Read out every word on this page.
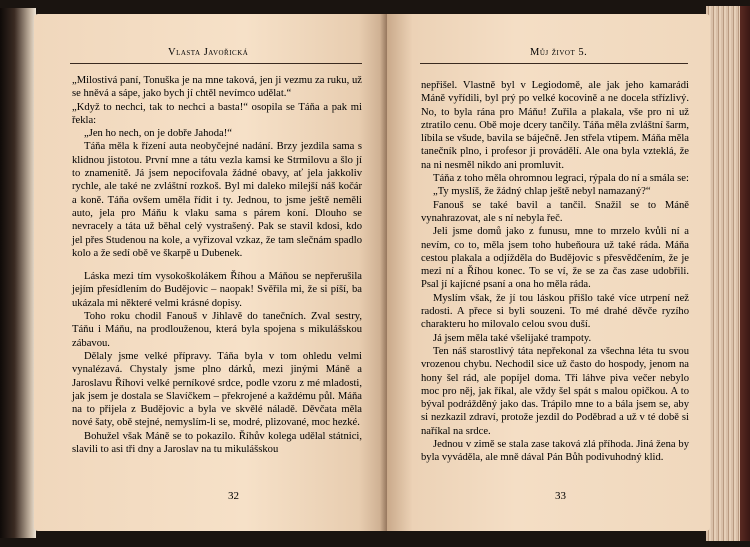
Vlasta Javořická

„Milostivá paní, Tonuška je na mne taková, jen ji vezmu za ruku, už se hněvá a sápe, jako bych jí chtěl nevímco udělat.“

„Když to nechci, tak to nechci a basta!“ osopila se Táňa a pak mi řekla:

„Jen ho nech, on je dobře Jahoda!“

Táňa měla k řízení auta neobyčejné nadání. Brzy jezdila sama s klidnou jistotou. První mne a tátu vezla kamsi ke Strmilovu a šlo jí to znamenitě. Já jsem nepocifovala žádné obavy, ať jela jakkoliv rychle, ale také ne zvláštní rozkoš. Byl mi daleko milejší náš kočár a koně. Táňa ovšem uměla řídit i ty. Jednou, to jsme ještě neměli auto, jela pro Máňu k vlaku sama s párem koní. Dlouho se nevracely a táta už běhal celý vystrašený. Pak se stavil kdosi, kdo jel přes Studenou na kole, a vyřizoval vzkaz, že tam slečnám spadlo kolo a že sedí obě ve škarpě u Dubenek.

Láska mezi tím vysokoškolákem Říhou a Máňou se nepřerušila jejím přesídlením do Budějovic – naopak! Svěřila mi, že si píší, ba ukázala mi některé velmi krásné dopisy.

Toho roku chodil Fanouš v Jihlavě do tanečních. Zval sestry, Táňu i Máňu, na prodlouženou, která byla spojena s mikulášskou zábavou.

Dělaly jsme velké přípravy. Táňa byla v tom ohledu velmi vynalézavá. Chystaly jsme plno dárků, mezi jinými Máně a Jaroslavu Říhovi velké perníkové srdce, podle vzoru z mé mladosti, jak jsem je dostala se Slavíčkem – překrojené a každému půl. Máňa na to přijela z Budějovic a byla ve skvělé náladě. Děvčata měla nové šaty, obě stejné, nemyslím-li se, modré, plizované, moc hezké.

Bohužel však Máně se to pokazilo. Říhův kolega udělal státnici, slavili to asi tři dny a Jaroslav na tu mikulášskou

32
Můj život 5.

nepřišel. Vlastně byl v Legiodomě, ale jak jeho kamarádi Máně vyřídili, byl prý po velké kocovině a ne docela střízlivý. No, to byla rána pro Máňu! Zuřila a plakala, vše pro ni už ztratilo cenu. Obě moje dcery tančily. Táňa měla zvláštní šarm, líbila se všude, bavila se báječně. Jen střela vtipem. Máňa měla tanečník plno, i profesor ji provádělí. Ale ona byla vzteklá, že na ni nesměl nikdo ani promluvit.

Táňa z toho měla ohromnou legraci, rýpala do ní a smála se:

„Ty myslíš, že žádný chlap ještě nebyl namazaný?“

Fanouš se také bavil a tančil. Snažil se to Máně vynahrazovat, ale s ní nebyla řeč.

Jeli jsme domů jako z funusu, mne to mrzelo kvůli ní a nevím, co to, měla jsem toho hubeňoura už také ráda. Máňa cestou plakala a odjížděla do Budějovic s přesvědčením, že je mezi ní a Říhou konec. To se ví, že se za čas zase udobřili. Psal jí kajícné psaní a ona ho měla ráda.

Myslím však, že jí tou láskou přišlo také více utrpení než radosti. A přece si byli souzeni. To mé drahé děvče ryzího charakteru ho milovalo celou svou duší.

Já jsem měla také všelijaké trampoty.

Ten náš starostlivý táta nepřekonal za všechna léta tu svou vrozenou chybu. Nechodil sice už často do hospody, jenom na hony šel rád, ale popíjel doma. Tři láhve piva večer nebylo moc pro něj, jak říkal, ale vždy šel spát s malou opičkou. A to býval podrážděný jako das. Trápilo mne to a bála jsem se, aby si nezkazil zdraví, protože jezdil do Poděbrad a už v té době si naříkal na srdce.

Jednou v zimě se stala zase taková zlá příhoda. Jiná žena by byla vyváděla, ale mně dával Pán Bůh podivuhodný klid.

33
